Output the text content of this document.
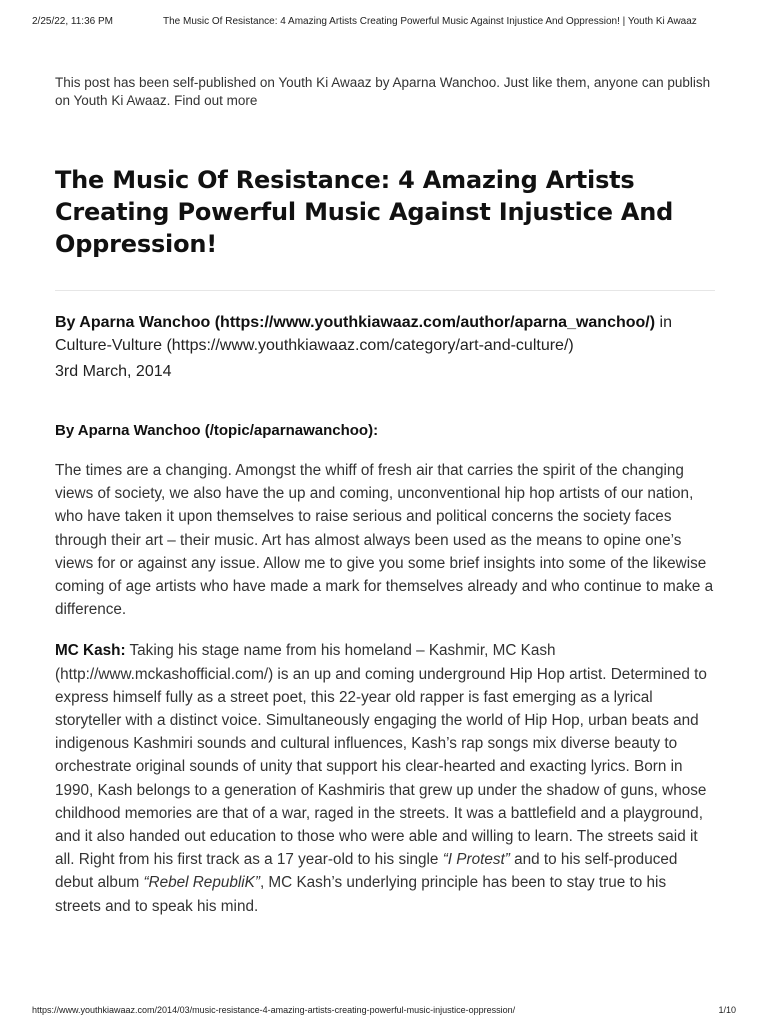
2/25/22, 11:36 PM	The Music Of Resistance: 4 Amazing Artists Creating Powerful Music Against Injustice And Oppression! | Youth Ki Awaaz

This post has been self-published on Youth Ki Awaaz by Aparna Wanchoo. Just like them, anyone can publish on Youth Ki Awaaz. Find out more

The Music Of Resistance: 4 Amazing Artists Creating Powerful Music Against Injustice And Oppression!
By Aparna Wanchoo (https://www.youthkiawaaz.com/author/aparna_wanchoo/) in Culture-Vulture (https://www.youthkiawaaz.com/category/art-and-culture/)
3rd March, 2014

By Aparna Wanchoo (/topic/aparnawanchoo):

The times are a changing. Amongst the whiff of fresh air that carries the spirit of the changing views of society, we also have the up and coming, unconventional hip hop artists of our nation, who have taken it upon themselves to raise serious and political concerns the society faces through their art – their music. Art has almost always been used as the means to opine one’s views for or against any issue. Allow me to give you some brief insights into some of the likewise coming of age artists who have made a mark for themselves already and who continue to make a difference.

MC Kash: Taking his stage name from his homeland – Kashmir, MC Kash (http://www.mckashofficial.com/) is an up and coming underground Hip Hop artist. Determined to express himself fully as a street poet, this 22-year old rapper is fast emerging as a lyrical storyteller with a distinct voice. Simultaneously engaging the world of Hip Hop, urban beats and indigenous Kashmiri sounds and cultural influences, Kash’s rap songs mix diverse beauty to orchestrate original sounds of unity that support his clear-hearted and exacting lyrics. Born in 1990, Kash belongs to a generation of Kashmiris that grew up under the shadow of guns, whose childhood memories are that of a war, raged in the streets. It was a battlefield and a playground, and it also handed out education to those who were able and willing to learn. The streets said it all. Right from his first track as a 17 year-old to his single “I Protest” and to his self-produced debut album “Rebel RepubliK”, MC Kash’s underlying principle has been to stay true to his streets and to speak his mind.

https://www.youthkiawaaz.com/2014/03/music-resistance-4-amazing-artists-creating-powerful-music-injustice-oppression/	1/10
